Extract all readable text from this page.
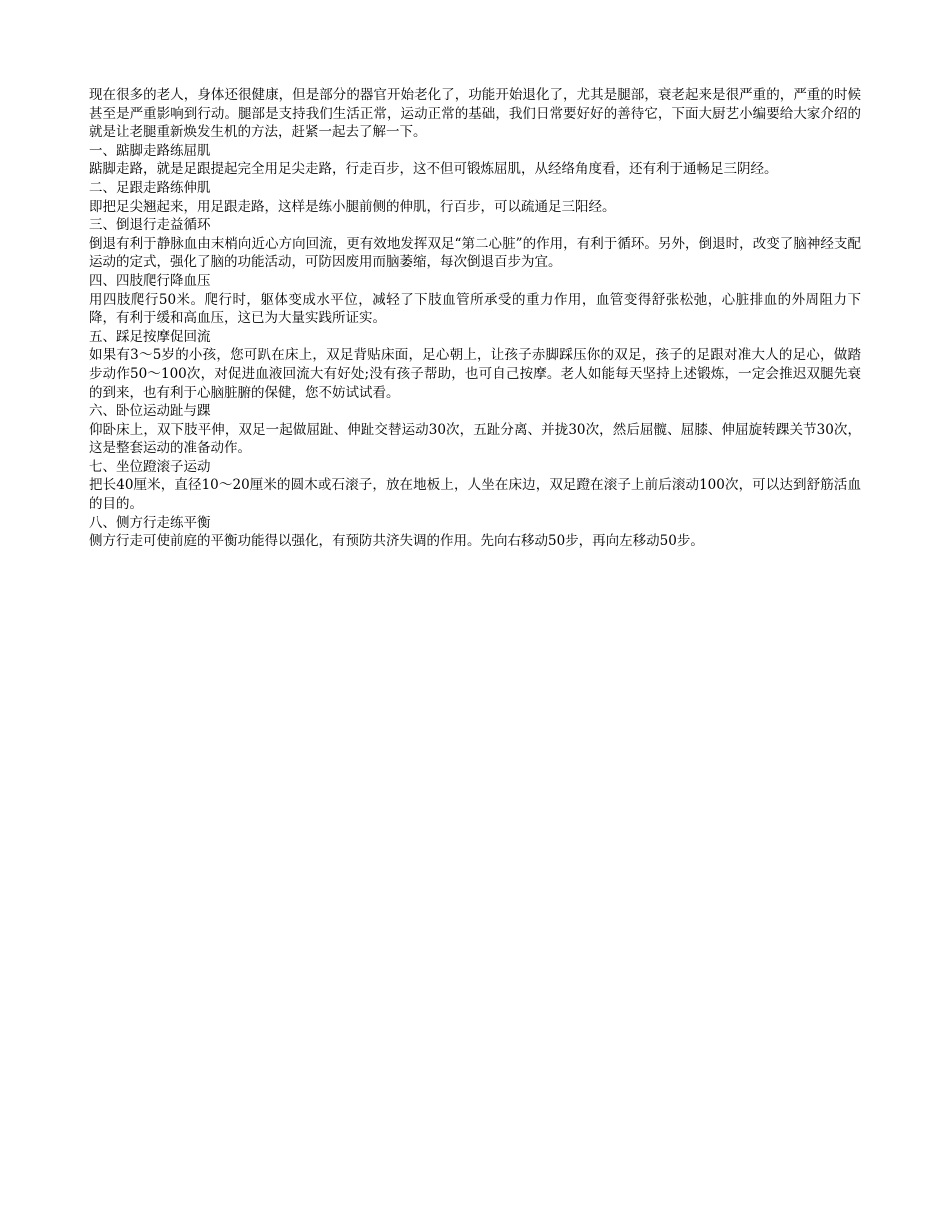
现在很多的老人，身体还很健康，但是部分的器官开始老化了，功能开始退化了，尤其是腿部，衰老起来是很严重的，严重的时候甚至是严重影响到行动。腿部是支持我们生活正常，运动正常的基础，我们日常要好好的善待它，下面大厨艺小编要给大家介绍的就是让老腿重新焕发生机的方法，赶紧一起去了解一下。

一、踮脚走路练屈肌

踮脚走路，就是足跟提起完全用足尖走路，行走百步，这不但可锻炼屈肌，从经络角度看，还有利于通畅足三阴经。

二、足跟走路练伸肌

即把足尖翘起来，用足跟走路，这样是练小腿前侧的伸肌，行百步，可以疏通足三阳经。

三、倒退行走益循环

倒退有利于静脉血由末梢向近心方向回流，更有效地发挥双足“第二心脏”的作用，有利于循环。另外，倒退时，改变了脑神经支配运动的定式，强化了脑的功能活动，可防因废用而脑萎缩，每次倒退百步为宜。

四、四肢爬行降血压

用四肢爬行50米。爬行时，躯体变成水平位，减轻了下肢血管所承受的重力作用，血管变得舒张松弛，心脏排血的外周阻力下降，有利于缓和高血压，这已为大量实践所证实。

五、踩足按摩促回流

如果有3～5岁的小孩，您可趴在床上，双足背贴床面，足心朝上，让孩子赤脚踩压你的双足，孩子的足跟对准大人的足心，做踏步动作50～100次，对促进血液回流大有好处;没有孩子帮助，也可自己按摩。老人如能每天坚持上述锻炼，一定会推迟双腿先衰的到来，也有利于心脑脏腑的保健，您不妨试试看。

六、卧位运动趾与踝

仰卧床上，双下肢平伸，双足一起做屈趾、伸趾交替运动30次，五趾分离、并拢30次，然后屈髋、屈膝、伸屈旋转踝关节30次，这是整套运动的准备动作。

七、坐位蹬滚子运动

把长40厘米，直径10～20厘米的圆木或石滚子，放在地板上，人坐在床边，双足蹬在滚子上前后滚动100次，可以达到舒筋活血的目的。

八、侧方行走练平衡

侧方行走可使前庭的平衡功能得以强化，有预防共济失调的作用。先向右移动50步，再向左移动50步。
